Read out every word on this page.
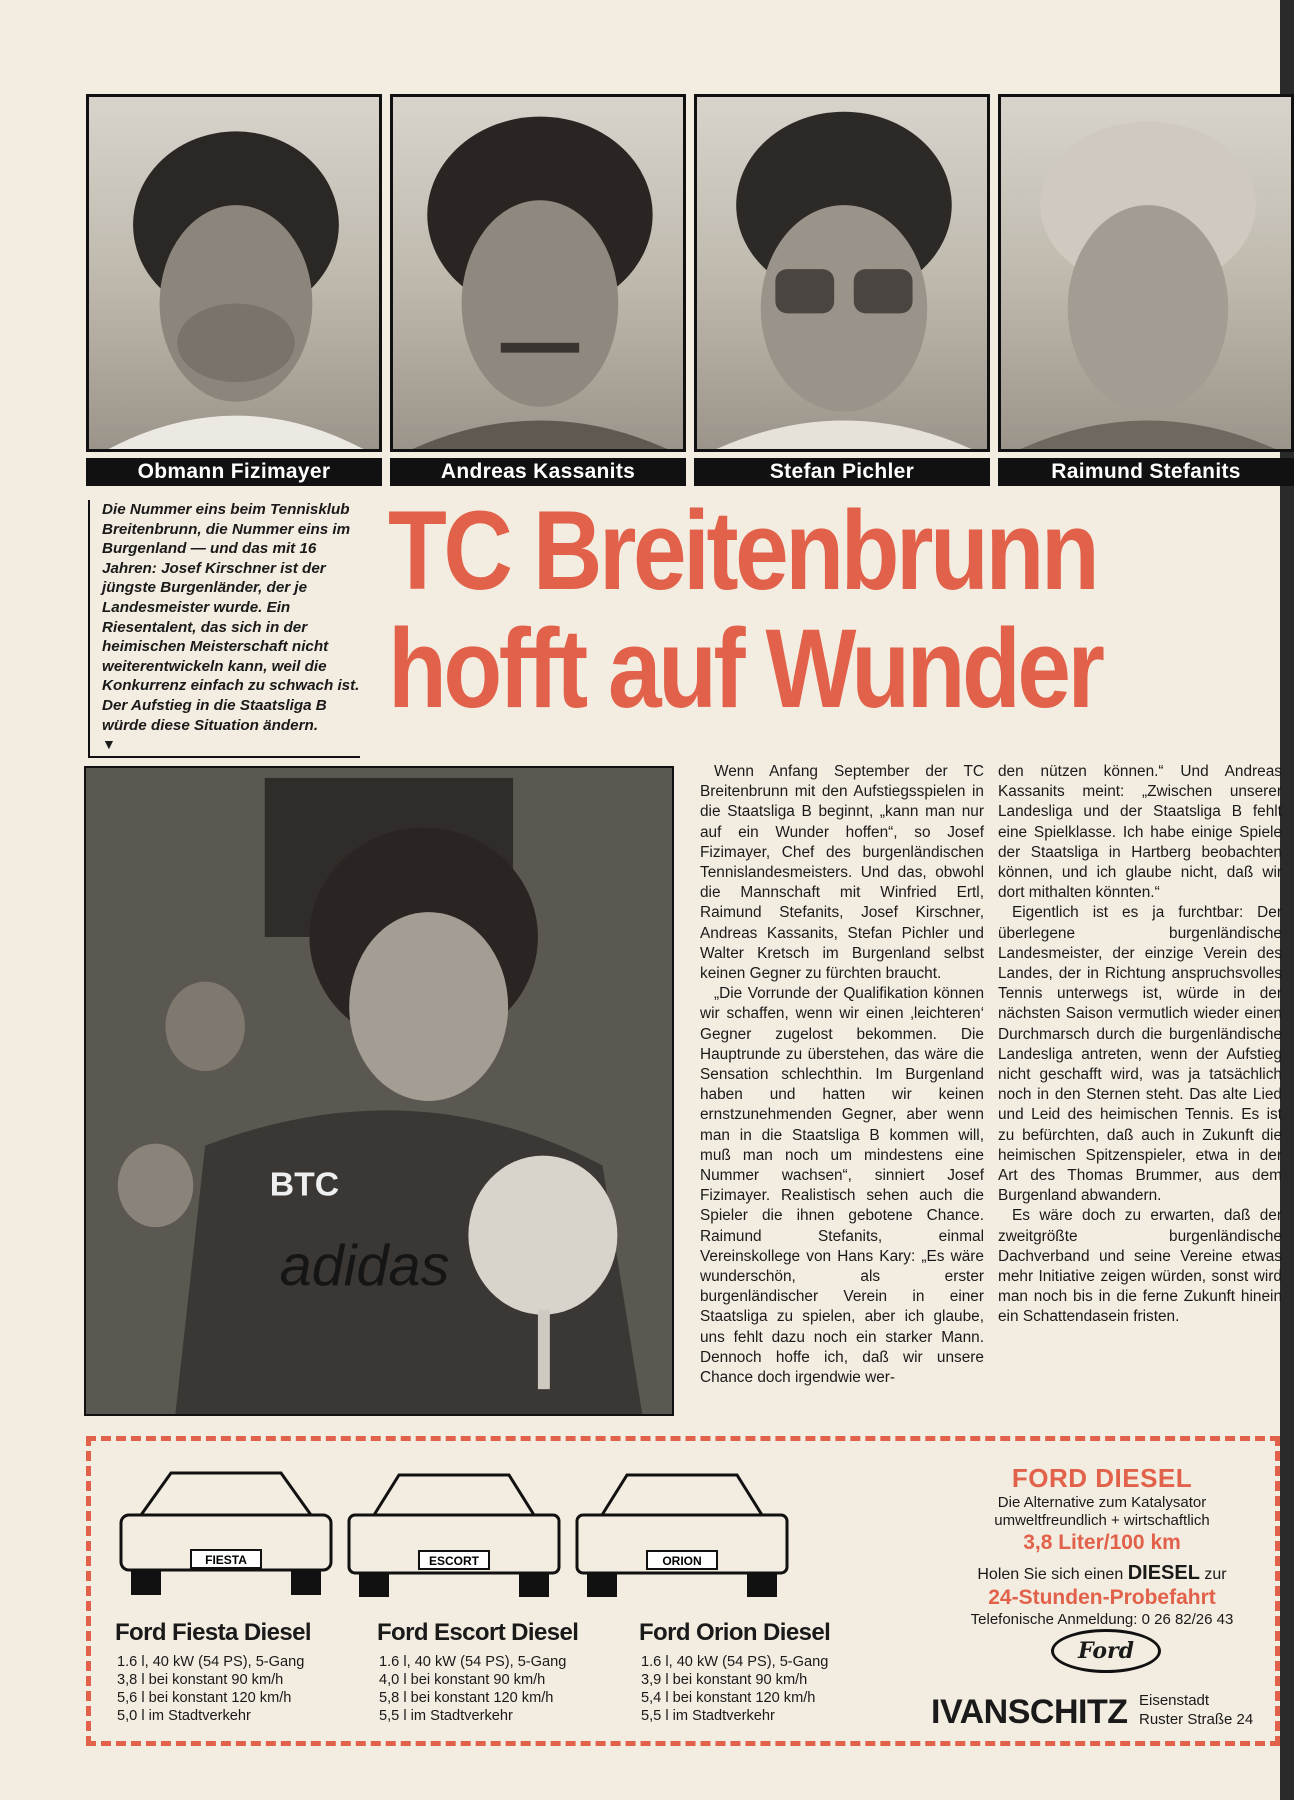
Obmann Fizimayer	Andreas Kassanits	Stefan Pichler	Raimund Stefanits
Die Nummer eins beim Tennisklub Breitenbrunn, die Nummer eins im Burgenland — und das mit 16 Jahren: Josef Kirschner ist der jüngste Burgenländer, der je Landesmeister wurde. Ein Riesentalent, das sich in der heimischen Meisterschaft nicht weiterentwickeln kann, weil die Konkurrenz einfach zu schwach ist. Der Aufstieg in die Staatsliga B würde diese Situation ändern.
▼
TC Breitenbrunn
hofft auf Wunder
adidas
BTC

Wenn Anfang September der TC Breitenbrunn mit den Aufstiegsspielen in die Staatsliga B beginnt, „kann man nur auf ein Wunder hoffen“, so Josef Fizimayer, Chef des burgenländischen Tennislandesmeisters. Und das, obwohl die Mannschaft mit Winfried Ertl, Raimund Stefanits, Josef Kirschner, Andreas Kassanits, Stefan Pichler und Walter Kretsch im Burgenland selbst keinen Gegner zu fürchten braucht.

„Die Vorrunde der Qualifikation können wir schaffen, wenn wir einen ‚leichteren‘ Gegner zugelost bekommen. Die Hauptrunde zu überstehen, das wäre die Sensation schlechthin. Im Burgenland haben und hatten wir keinen ernstzunehmenden Gegner, aber wenn man in die Staatsliga B kommen will, muß man noch um mindestens eine Nummer wachsen“, sinniert Josef Fizimayer. Realistisch sehen auch die Spieler die ihnen gebotene Chance. Raimund Stefanits, einmal Vereinskollege von Hans Kary: „Es wäre wunderschön, als erster burgenländischer Verein in einer Staatsliga zu spielen, aber ich glaube, uns fehlt dazu noch ein starker Mann. Dennoch hoffe ich, daß wir unsere Chance doch irgendwie wer-

den nützen können.“ Und Andreas Kassanits meint: „Zwischen unserer Landesliga und der Staatsliga B fehlt eine Spielklasse. Ich habe einige Spiele der Staatsliga in Hartberg beobachten können, und ich glaube nicht, daß wir dort mithalten könnten.“

Eigentlich ist es ja furchtbar: Der überlegene burgenländische Landesmeister, der einzige Verein des Landes, der in Richtung anspruchsvolles Tennis unterwegs ist, würde in der nächsten Saison vermutlich wieder einen Durchmarsch durch die burgenländische Landesliga antreten, wenn der Aufstieg nicht geschafft wird, was ja tatsächlich noch in den Sternen steht. Das alte Lied und Leid des heimischen Tennis. Es ist zu befürchten, daß auch in Zukunft die heimischen Spitzenspieler, etwa in der Art des Thomas Brummer, aus dem Burgenland abwandern.

Es wäre doch zu erwarten, daß der zweitgrößte burgenländische Dachverband und seine Vereine etwas mehr Initiative zeigen würden, sonst wird man noch bis in die ferne Zukunft hinein ein Schattendasein fristen.

FIESTA	ESCORT	ORION
Ford Fiesta Diesel	Ford Escort Diesel	Ford Orion Diesel
1.6 l, 40 kW (54 PS), 5-Gang
3,8 l bei konstant 90 km/h
5,6 l bei konstant 120 km/h
5,0 l im Stadtverkehr
1.6 l, 40 kW (54 PS), 5-Gang
4,0 l bei konstant 90 km/h
5,8 l bei konstant 120 km/h
5,5 l im Stadtverkehr
1.6 l, 40 kW (54 PS), 5-Gang
3,9 l bei konstant 90 km/h
5,4 l bei konstant 120 km/h
5,5 l im Stadtverkehr
FORD DIESEL
Die Alternative zum Katalysator
umweltfreundlich + wirtschaftlich
3,8 Liter/100 km
Holen Sie sich einen DIESEL zur
24-Stunden-Probefahrt
Telefonische Anmeldung: 0 26 82/26 43
Ford
IVANSCHITZ Eisenstadt
Ruster Straße 24
